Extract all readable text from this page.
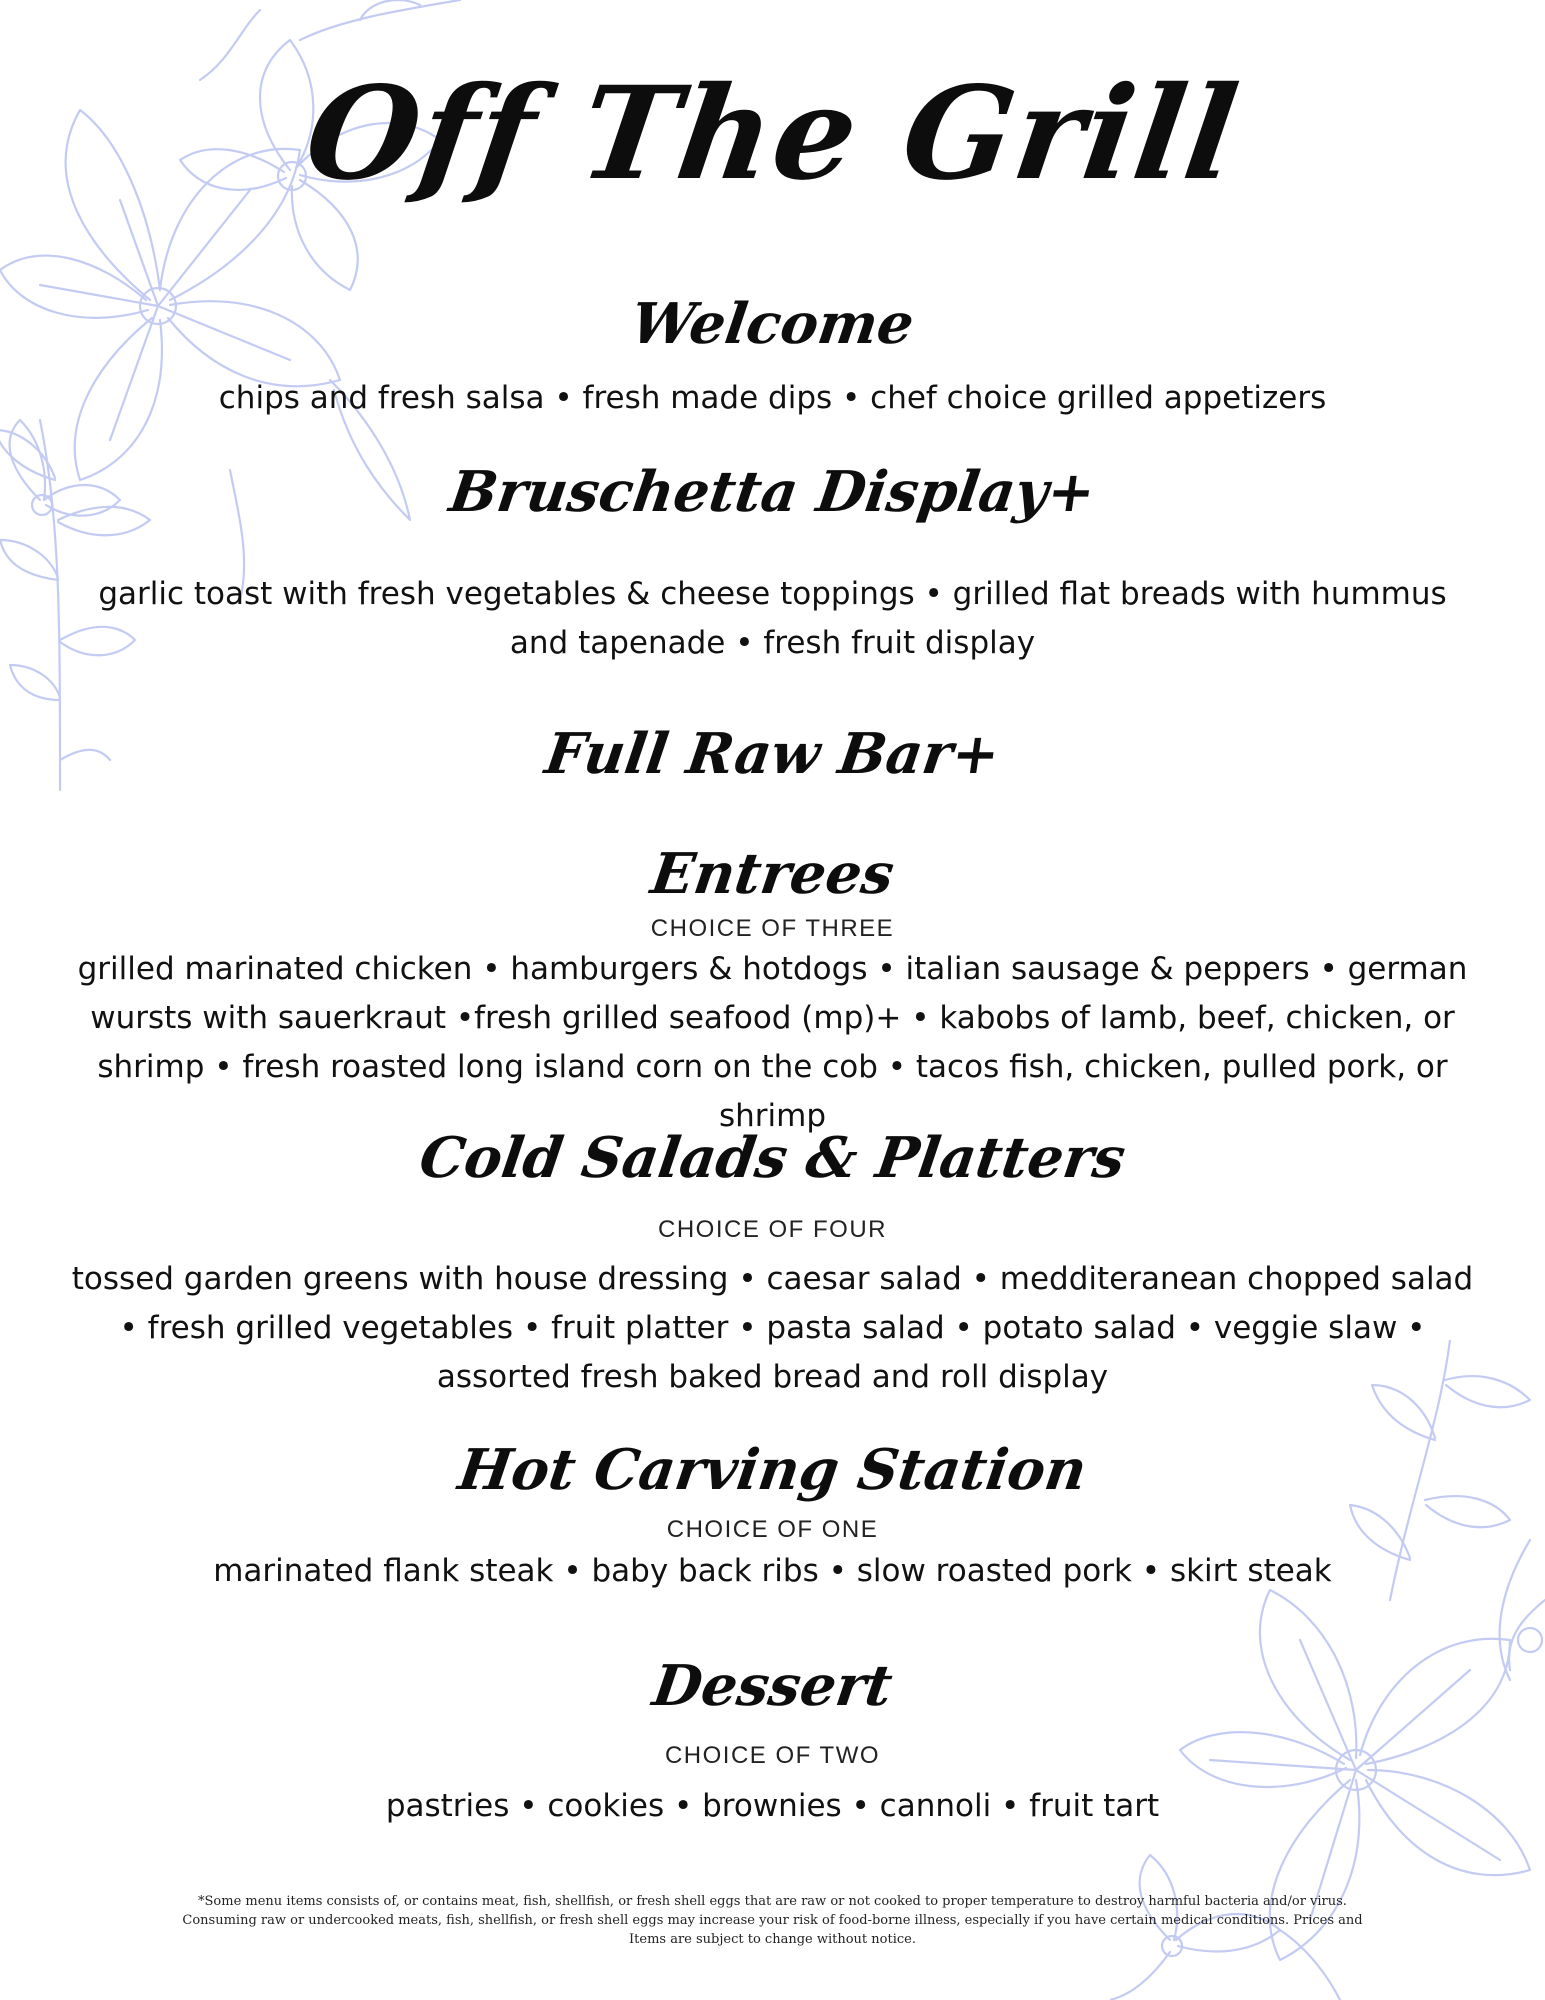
Off The Grill
Welcome
chips and fresh salsa • fresh made dips • chef choice grilled appetizers
Bruschetta Display+
garlic toast with fresh vegetables & cheese toppings • grilled flat breads with hummus and tapenade • fresh fruit display
Full Raw Bar+
Entrees
CHOICE OF THREE
grilled marinated chicken • hamburgers & hotdogs • italian sausage & peppers • german wursts with sauerkraut •fresh grilled seafood (mp)+ • kabobs of lamb, beef, chicken, or shrimp • fresh roasted long island corn on the cob • tacos fish, chicken, pulled pork, or shrimp
Cold Salads & Platters
CHOICE OF FOUR
tossed garden greens with house dressing • caesar salad • medditeranean chopped salad • fresh grilled vegetables • fruit platter • pasta salad • potato salad • veggie slaw • assorted fresh baked bread and roll display
Hot Carving Station
CHOICE OF ONE
marinated flank steak • baby back ribs • slow roasted pork • skirt steak
Dessert
CHOICE OF TWO
pastries • cookies • brownies • cannoli • fruit tart
*Some menu items consists of, or contains meat, fish, shellfish, or fresh shell eggs that are raw or not cooked to proper temperature to destroy harmful bacteria and/or virus. Consuming raw or undercooked meats, fish, shellfish, or fresh shell eggs may increase your risk of food-borne illness, especially if you have certain medical conditions. Prices and Items are subject to change without notice.
